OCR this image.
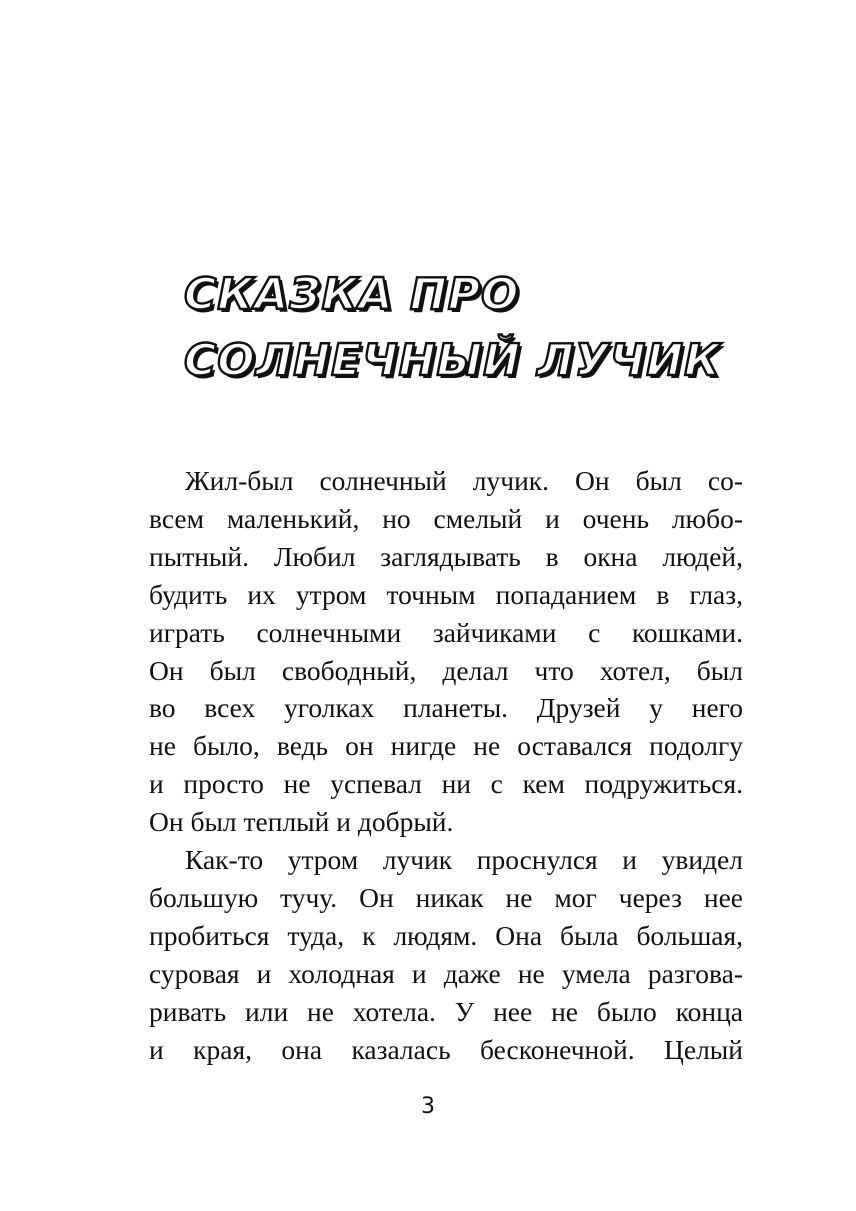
СКАЗКА ПРО
СОЛНЕЧНЫЙ ЛУЧИК
Жил-был солнечный лучик. Он был со-
всем маленький, но смелый и очень любо-
пытный. Любил заглядывать в окна людей,
будить их утром точным попаданием в глаз,
играть солнечными зайчиками с кошками.
Он был свободный, делал что хотел, был
во всех уголках планеты. Друзей у него
не было, ведь он нигде не оставался подолгу
и просто не успевал ни с кем подружиться.
Он был теплый и добрый.
Как-то утром лучик проснулся и увидел
большую тучу. Он никак не мог через нее
пробиться туда, к людям. Она была большая,
суровая и холодная и даже не умела разгова-
ривать или не хотела. У нее не было конца
и края, она казалась бесконечной. Целый
3
